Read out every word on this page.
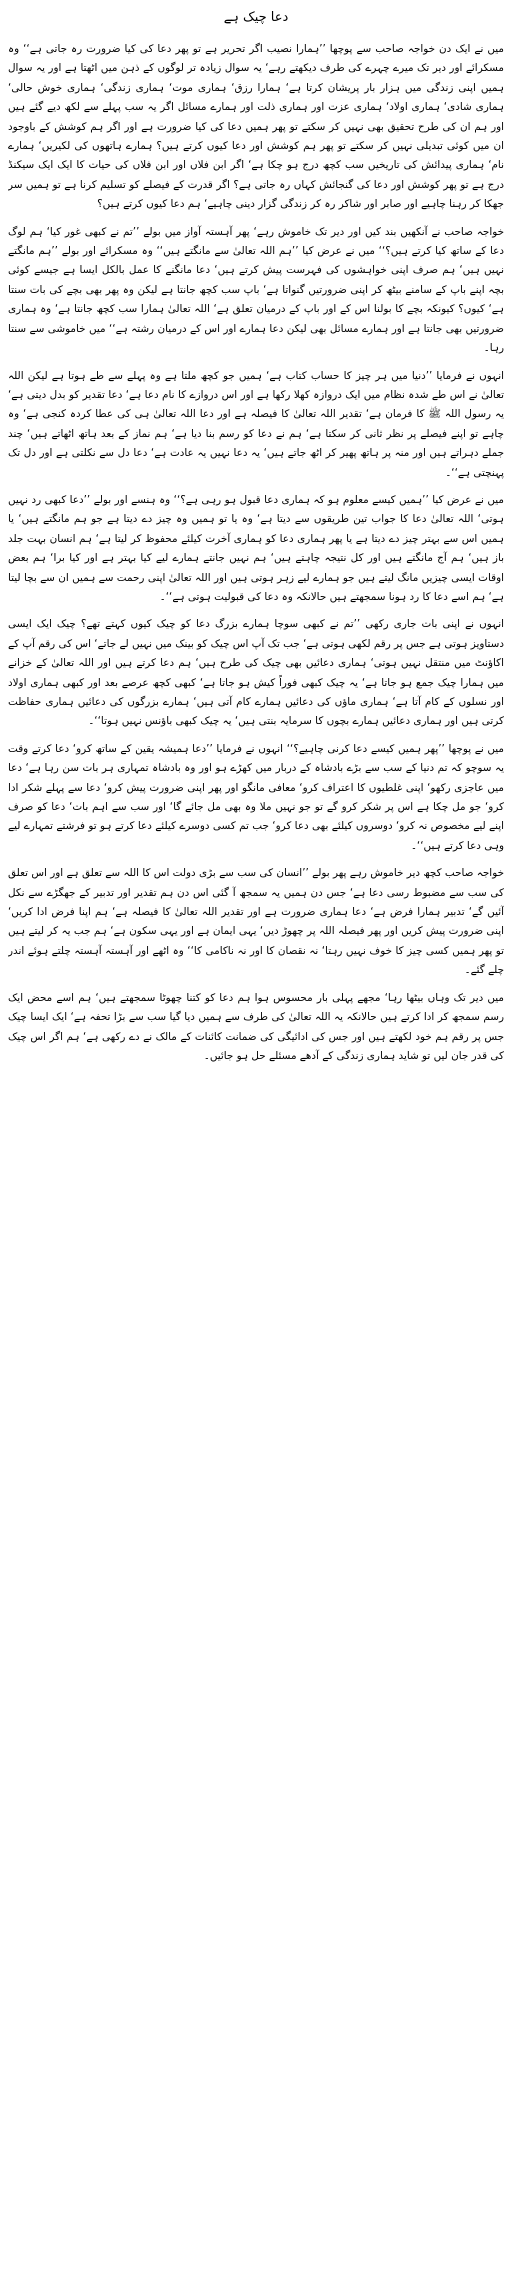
دعا چیک ہے

میں نے ایک دن خواجہ صاحب سے پوچھا ’’ہمارا نصیب اگر تحریر ہے تو پھر دعا کی کیا ضرورت رہ جاتی ہے‘‘ وہ مسکرائے اور دیر تک میرے چہرے کی طرف دیکھتے رہے‘ یہ سوال زیادہ تر لوگوں کے ذہن میں اٹھتا ہے اور یہ سوال ہمیں اپنی زندگی میں ہزار بار پریشان کرتا ہے‘ ہمارا رزق‘ ہماری موت‘ ہماری زندگی‘ ہماری خوش حالی‘ ہماری شادی‘ ہماری اولاد‘ ہماری عزت اور ہماری ذلت اور ہمارے مسائل اگر یہ سب پہلے سے لکھ دیے گئے ہیں اور ہم ان کی طرح تحقیق بھی نہیں کر سکتے تو پھر ہمیں دعا کی کیا ضرورت ہے اور اگر ہم کوشش کے باوجود ان میں کوئی تبدیلی نہیں کر سکتے تو پھر ہم کوشش اور دعا کیوں کرتے ہیں؟ ہمارے ہاتھوں کی لکیریں‘ ہمارے نام‘ ہماری پیدائش کی تاریخیں سب کچھ درج ہو چکا ہے‘ اگر ابن فلاں اور ابن فلاں کی حیات کا ایک ایک سیکنڈ درج ہے تو پھر کوشش اور دعا کی گنجائش کہاں رہ جاتی ہے؟ اگر قدرت کے فیصلے کو تسلیم کرنا ہے تو ہمیں سر جھکا کر رہنا چاہیے اور صابر اور شاکر رہ کر زندگی گزار دینی چاہیے‘ ہم دعا کیوں کرتے ہیں؟

خواجہ صاحب نے آنکھیں بند کیں اور دیر تک خاموش رہے‘ پھر آہستہ آواز میں بولے ’’تم نے کبھی غور کیا‘ ہم لوگ دعا کے ساتھ کیا کرتے ہیں؟‘‘ میں نے عرض کیا ’’ہم اللہ تعالیٰ سے مانگتے ہیں‘‘ وہ مسکرائے اور بولے ’’ہم مانگتے نہیں ہیں‘ ہم صرف اپنی خواہشوں کی فہرست پیش کرتے ہیں‘ دعا مانگنے کا عمل بالکل ایسا ہے جیسے کوئی بچہ اپنے باپ کے سامنے بیٹھ کر اپنی ضرورتیں گنواتا ہے‘ باپ سب کچھ جانتا ہے لیکن وہ پھر بھی بچے کی بات سنتا ہے‘ کیوں؟ کیونکہ بچے کا بولنا اس کے اور باپ کے درمیان تعلق ہے‘ اللہ تعالیٰ ہمارا سب کچھ جانتا ہے‘ وہ ہماری ضرورتیں بھی جانتا ہے اور ہمارے مسائل بھی لیکن دعا ہمارے اور اس کے درمیان رشتہ ہے‘‘ میں خاموشی سے سنتا رہا۔

انہوں نے فرمایا ’’دنیا میں ہر چیز کا حساب کتاب ہے‘ ہمیں جو کچھ ملتا ہے وہ پہلے سے طے ہوتا ہے لیکن اللہ تعالیٰ نے اس طے شدہ نظام میں ایک دروازہ کھلا رکھا ہے اور اس دروازے کا نام دعا ہے‘ دعا تقدیر کو بدل دیتی ہے‘ یہ رسول اللہ ﷺ کا فرمان ہے‘ تقدیر اللہ تعالیٰ کا فیصلہ ہے اور دعا اللہ تعالیٰ ہی کی عطا کردہ کنجی ہے‘ وہ چاہے تو اپنے فیصلے پر نظر ثانی کر سکتا ہے‘ ہم نے دعا کو رسم بنا دیا ہے‘ ہم نماز کے بعد ہاتھ اٹھاتے ہیں‘ چند جملے دہراتے ہیں اور منہ پر ہاتھ پھیر کر اٹھ جاتے ہیں‘ یہ دعا نہیں یہ عادت ہے‘ دعا دل سے نکلتی ہے اور دل تک پہنچتی ہے‘‘۔

میں نے عرض کیا ’’ہمیں کیسے معلوم ہو کہ ہماری دعا قبول ہو رہی ہے؟‘‘ وہ ہنسے اور بولے ’’دعا کبھی رد نہیں ہوتی‘ اللہ تعالیٰ دعا کا جواب تین طریقوں سے دیتا ہے‘ وہ یا تو ہمیں وہ چیز دے دیتا ہے جو ہم مانگتے ہیں‘ یا ہمیں اس سے بہتر چیز دے دیتا ہے یا پھر ہماری دعا کو ہماری آخرت کیلئے محفوظ کر لیتا ہے‘ ہم انسان بہت جلد باز ہیں‘ ہم آج مانگتے ہیں اور کل نتیجہ چاہتے ہیں‘ ہم نہیں جانتے ہمارے لیے کیا بہتر ہے اور کیا برا‘ ہم بعض اوقات ایسی چیزیں مانگ لیتے ہیں جو ہمارے لیے زہر ہوتی ہیں اور اللہ تعالیٰ اپنی رحمت سے ہمیں ان سے بچا لیتا ہے‘ ہم اسے دعا کا رد ہونا سمجھتے ہیں حالانکہ وہ دعا کی قبولیت ہوتی ہے‘‘۔

انہوں نے اپنی بات جاری رکھی ’’تم نے کبھی سوچا ہمارے بزرگ دعا کو چیک کیوں کہتے تھے؟ چیک ایک ایسی دستاویز ہوتی ہے جس پر رقم لکھی ہوتی ہے‘ جب تک آپ اس چیک کو بینک میں نہیں لے جاتے‘ اس کی رقم آپ کے اکاؤنٹ میں منتقل نہیں ہوتی‘ ہماری دعائیں بھی چیک کی طرح ہیں‘ ہم دعا کرتے ہیں اور اللہ تعالیٰ کے خزانے میں ہمارا چیک جمع ہو جاتا ہے‘ یہ چیک کبھی فوراً کیش ہو جاتا ہے‘ کبھی کچھ عرصے بعد اور کبھی ہماری اولاد اور نسلوں کے کام آتا ہے‘ ہماری ماؤں کی دعائیں ہمارے کام آتی ہیں‘ ہمارے بزرگوں کی دعائیں ہماری حفاظت کرتی ہیں اور ہماری دعائیں ہمارے بچوں کا سرمایہ بنتی ہیں‘ یہ چیک کبھی باؤنس نہیں ہوتا‘‘۔

میں نے پوچھا ’’پھر ہمیں کیسے دعا کرنی چاہیے؟‘‘ انہوں نے فرمایا ’’دعا ہمیشہ یقین کے ساتھ کرو‘ دعا کرتے وقت یہ سوچو کہ تم دنیا کے سب سے بڑے بادشاہ کے دربار میں کھڑے ہو اور وہ بادشاہ تمہاری ہر بات سن رہا ہے‘ دعا میں عاجزی رکھو‘ اپنی غلطیوں کا اعتراف کرو‘ معافی مانگو اور پھر اپنی ضرورت پیش کرو‘ دعا سے پہلے شکر ادا کرو‘ جو مل چکا ہے اس پر شکر کرو گے تو جو نہیں ملا وہ بھی مل جائے گا‘ اور سب سے اہم بات‘ دعا کو صرف اپنے لیے مخصوص نہ کرو‘ دوسروں کیلئے بھی دعا کرو‘ جب تم کسی دوسرے کیلئے دعا کرتے ہو تو فرشتے تمہارے لیے وہی دعا کرتے ہیں‘‘۔

خواجہ صاحب کچھ دیر خاموش رہے پھر بولے ’’انسان کی سب سے بڑی دولت اس کا اللہ سے تعلق ہے اور اس تعلق کی سب سے مضبوط رسی دعا ہے‘ جس دن ہمیں یہ سمجھ آ گئی اس دن ہم تقدیر اور تدبیر کے جھگڑے سے نکل آئیں گے‘ تدبیر ہمارا فرض ہے‘ دعا ہماری ضرورت ہے اور تقدیر اللہ تعالیٰ کا فیصلہ ہے‘ ہم اپنا فرض ادا کریں‘ اپنی ضرورت پیش کریں اور پھر فیصلہ اللہ پر چھوڑ دیں‘ یہی ایمان ہے اور یہی سکون ہے‘ ہم جب یہ کر لیتے ہیں تو پھر ہمیں کسی چیز کا خوف نہیں رہتا‘ نہ نقصان کا اور نہ ناکامی کا‘‘ وہ اٹھے اور آہستہ آہستہ چلتے ہوئے اندر چلے گئے۔

میں دیر تک وہاں بیٹھا رہا‘ مجھے پہلی بار محسوس ہوا ہم دعا کو کتنا چھوٹا سمجھتے ہیں‘ ہم اسے محض ایک رسم سمجھ کر ادا کرتے ہیں حالانکہ یہ اللہ تعالیٰ کی طرف سے ہمیں دیا گیا سب سے بڑا تحفہ ہے‘ ایک ایسا چیک جس پر رقم ہم خود لکھتے ہیں اور جس کی ادائیگی کی ضمانت کائنات کے مالک نے دے رکھی ہے‘ ہم اگر اس چیک کی قدر جان لیں تو شاید ہماری زندگی کے آدھے مسئلے حل ہو جائیں۔
